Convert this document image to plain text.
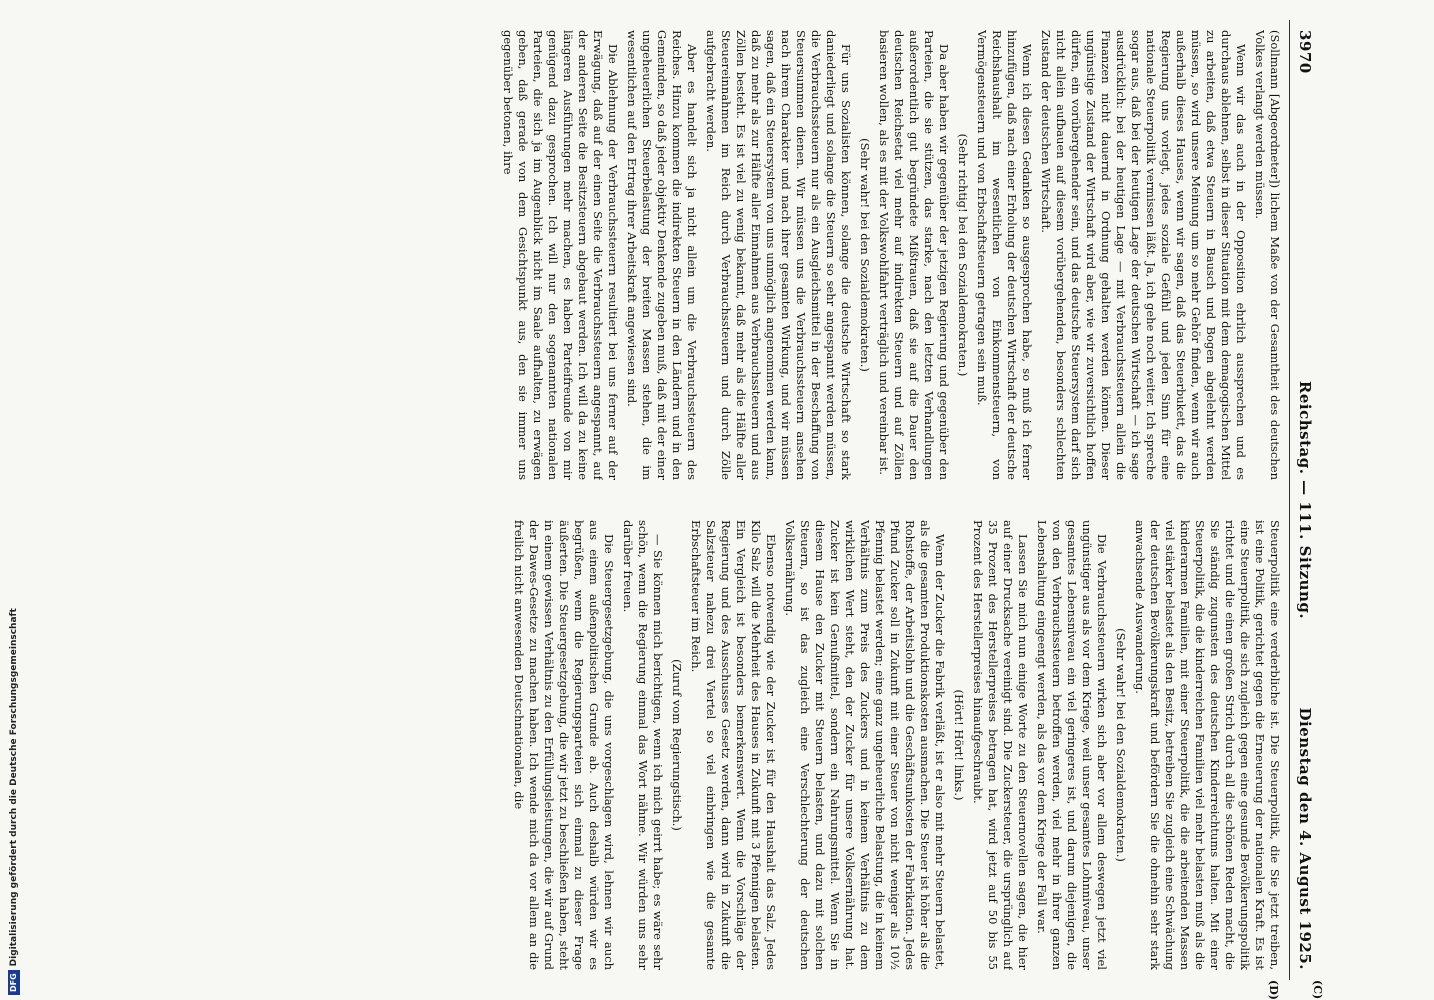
DFGDigitalisierung gefördert durch die Deutsche Forschungsgemeinschaft
3970
Reichstag. — 111. Sitzung.
Dienstag den 4. August 1925.
(C)
(D)

(Sollmann [Abgeordneter]) lichem Maße von der Gesamtheit des deutschen Volkes verlangt werden müssen.

Wenn wir das auch in der Opposition ehrlich aussprechen und es durchaus ablehnen, selbst in dieser Situation mit dem demagogischen Mittel zu arbeiten, daß etwa Steuern in Bausch und Bogen abgelehnt werden müssen, so wird unsere Meinung um so mehr Gehör finden, wenn wir auch außerhalb dieses Hauses, wenn wir sagen, daß das Steuerbukett, das die Regierung uns vorlegt, jedes soziale Gefühl und jeden Sinn für eine nationale Steuerpolitik vermissen läßt. Ja, ich gehe noch weiter. Ich spreche sogar aus, daß bei der heutigen Lage der deutschen Wirtschaft — ich sage ausdrücklich: bei der heutigen Lage — mit Verbrauchssteuern allein die Finanzen nicht dauernd in Ordnung gehalten werden können. Dieser ungünstige Zustand der Wirtschaft wird aber, wie wir zuversichtlich hoffen dürfen, ein vorübergehender sein, und das deutsche Steuersystem darf sich nicht allein aufbauen auf diesem vorübergehenden, besonders schlechten Zustand der deutschen Wirtschaft.

Wenn ich diesen Gedanken so ausgesprochen habe, so muß ich ferner hinzufügen, daß nach einer Erholung der deutschen Wirtschaft der deutsche Reichshaushalt im wesentlichen von Einkommensteuern, von Vermögensteuern und von Erbschaftsteuern getragen sein muß.

(Sehr richtig! bei den Sozialdemokraten.)

Da aber haben wir gegenüber der jetzigen Regierung und gegenüber den Parteien, die sie stützen, das starke, nach den letzten Verhandlungen außerordentlich gut begründete Mißtrauen, daß sie auf die Dauer den deutschen Reichsetat viel mehr auf indirekten Steuern und auf Zöllen basieren wollen, als es mit der Volkswohlfahrt verträglich und vereinbar ist.

(Sehr wahr! bei den Sozialdemokraten.)

Für uns Sozialisten können, solange die deutsche Wirtschaft so stark daniederliegt und solange die Steuern so sehr angespannt werden müssen, die Verbrauchssteuern nur als ein Ausgleichsmittel in der Beschaffung von Steuersummen dienen. Wir müssen uns die Verbrauchssteuern ansehen nach ihrem Charakter und nach ihrer gesamten Wirkung, und wir müssen sagen, daß ein Steuersystem von uns unmöglich angenommen werden kann, daß zu mehr als zur Hälfte aller Einnahmen aus Verbrauchssteuern und aus Zöllen besteht. Es ist viel zu wenig bekannt, daß mehr als die Hälfte aller Steuereinnahmen im Reich durch Verbrauchssteuern und durch Zölle aufgebracht werden.

Aber es handelt sich ja nicht allein um die Verbrauchssteuern des Reiches. Hinzu kommen die indirekten Steuern in den Ländern und in den Gemeinden, so daß jeder objektiv Denkende zugeben muß, daß mit der einer ungeheuerlichen Steuerbelastung der breiten Massen stehen, die im wesentlichen auf den Ertrag ihrer Arbeitskraft angewiesen sind.

Die Ablehnung der Verbrauchssteuern resultiert bei uns ferner auf der Erwägung, daß auf der einen Seite die Verbrauchssteuern angespannt, auf der anderen Seite die Besitzsteuern abgebaut werden. Ich will da zu keine längeren Ausführungen mehr machen, es haben Parteifreunde von mir genügend dazu gesprochen. Ich will nur den sogenannten nationalen Parteien, die sich ja im Augenblick nicht im Saale aufhalten, zu erwägen geben, daß gerade von dem Gesichtspunkt aus, den sie immer uns gegenüber betonen, ihre

Steuerpolitik eine verderbliche ist. Die Steuerpolitik, die Sie jetzt treiben, ist eine Politik, gerichtet gegen die Erneuerung der nationalen Kraft. Es ist eine Steuerpolitik, die sich zugleich gegen eine gesunde Bevölkerungspolitik richtet und die einen großen Strich durch all die schönen Reden macht, die Sie ständig zugunsten des deutschen Kinderreichtums halten. Mit einer Steuerpolitik, die die kinderreichen Familien viel mehr belasten muß als die kinderarmen Familien, mit einer Steuerpolitik, die die arbeitenden Massen viel stärker belastet als den Besitz, betreiben Sie zugleich eine Schwächung der deutschen Bevölkerungskraft und befördern Sie die ohnehin sehr stark anwachsende Auswanderung.

(Sehr wahr! bei den Sozialdemokraten.)

Die Verbrauchssteuern wirken sich aber vor allem deswegen jetzt viel ungünstiger aus als vor dem Kriege, weil unser gesamtes Lohnniveau, unser gesamtes Lebensniveau ein viel geringeres ist, und darum diejenigen, die von den Verbrauchssteuern betroffen werden, viel mehr in ihrer ganzen Lebenshaltung eingeengt werden, als das vor dem Kriege der Fall war.

Lassen Sie mich nun einige Worte zu den Steuernovellen sagen, die hier auf einer Drucksache vereinigt sind. Die Zuckersteuer, die ursprünglich auf 35 Prozent des Herstellerpreises betragen hat, wird jetzt auf 50 bis 55 Prozent des Herstellerpreises hinaufgeschraubt.

(Hört! Hört! links.)

Wenn der Zucker die Fabrik verläßt, ist er also mit mehr Steuern belastet, als die gesamten Produktionskosten ausmachen. Die Steuer ist höher als die Rohstoffe, der Arbeitslohn und die Geschäftsunkosten der Fabrikation. Jedes Pfund Zucker soll in Zukunft mit einer Steuer von nicht weniger als 10½ Pfennig belastet werden; eine ganz ungeheuerliche Belastung, die in keinem Verhältnis zum Preis des Zuckers und in keinem Verhältnis zu dem wirklichen Wert steht, den der Zucker für unsere Volksernährung hat. Zucker ist kein Genußmittel, sondern ein Nahrungsmittel. Wenn Sie in diesem Hause den Zucker mit Steuern belasten, und dazu mit solchen Steuern, so ist das zugleich eine Verschlechterung der deutschen Volksernährung.

Ebenso notwendig wie der Zucker ist für den Haushalt das Salz. Jedes Kilo Salz will die Mehrheit des Hauses in Zukunft mit 3 Pfennigen belasten. Ein Vergleich ist besonders bemerkenswert. Wenn die Vorschläge der Regierung und des Ausschusses Gesetz werden, dann wird in Zukunft die Salzsteuer nahezu drei Viertel so viel einbringen wie die gesamte Erbschaftsteuer im Reich.

(Zuruf vom Regierungstisch.)

— Sie können mich berichtigen, wenn ich mich geirrt habe; es wäre sehr schön, wenn die Regierung einmal das Wort nähme. Wir würden uns sehr darüber freuen.

Die Steuergesetzgebung, die uns vorgeschlagen wird, lehnen wir auch aus einem außenpolitischen Grunde ab. Auch deshalb würden wir es begrüßen, wenn die Regierungsparteien sich einmal zu dieser Frage äußerten. Die Steuergesetzgebung, die wir jetzt zu beschließen haben, steht in einem gewissen Verhältnis zu den Erfüllungsleistungen, die wir auf Grund der Dawes-Gesetze zu machen haben. Ich wende mich da vor allem an die freilich nicht anwesenden Deutschnationalen, die
